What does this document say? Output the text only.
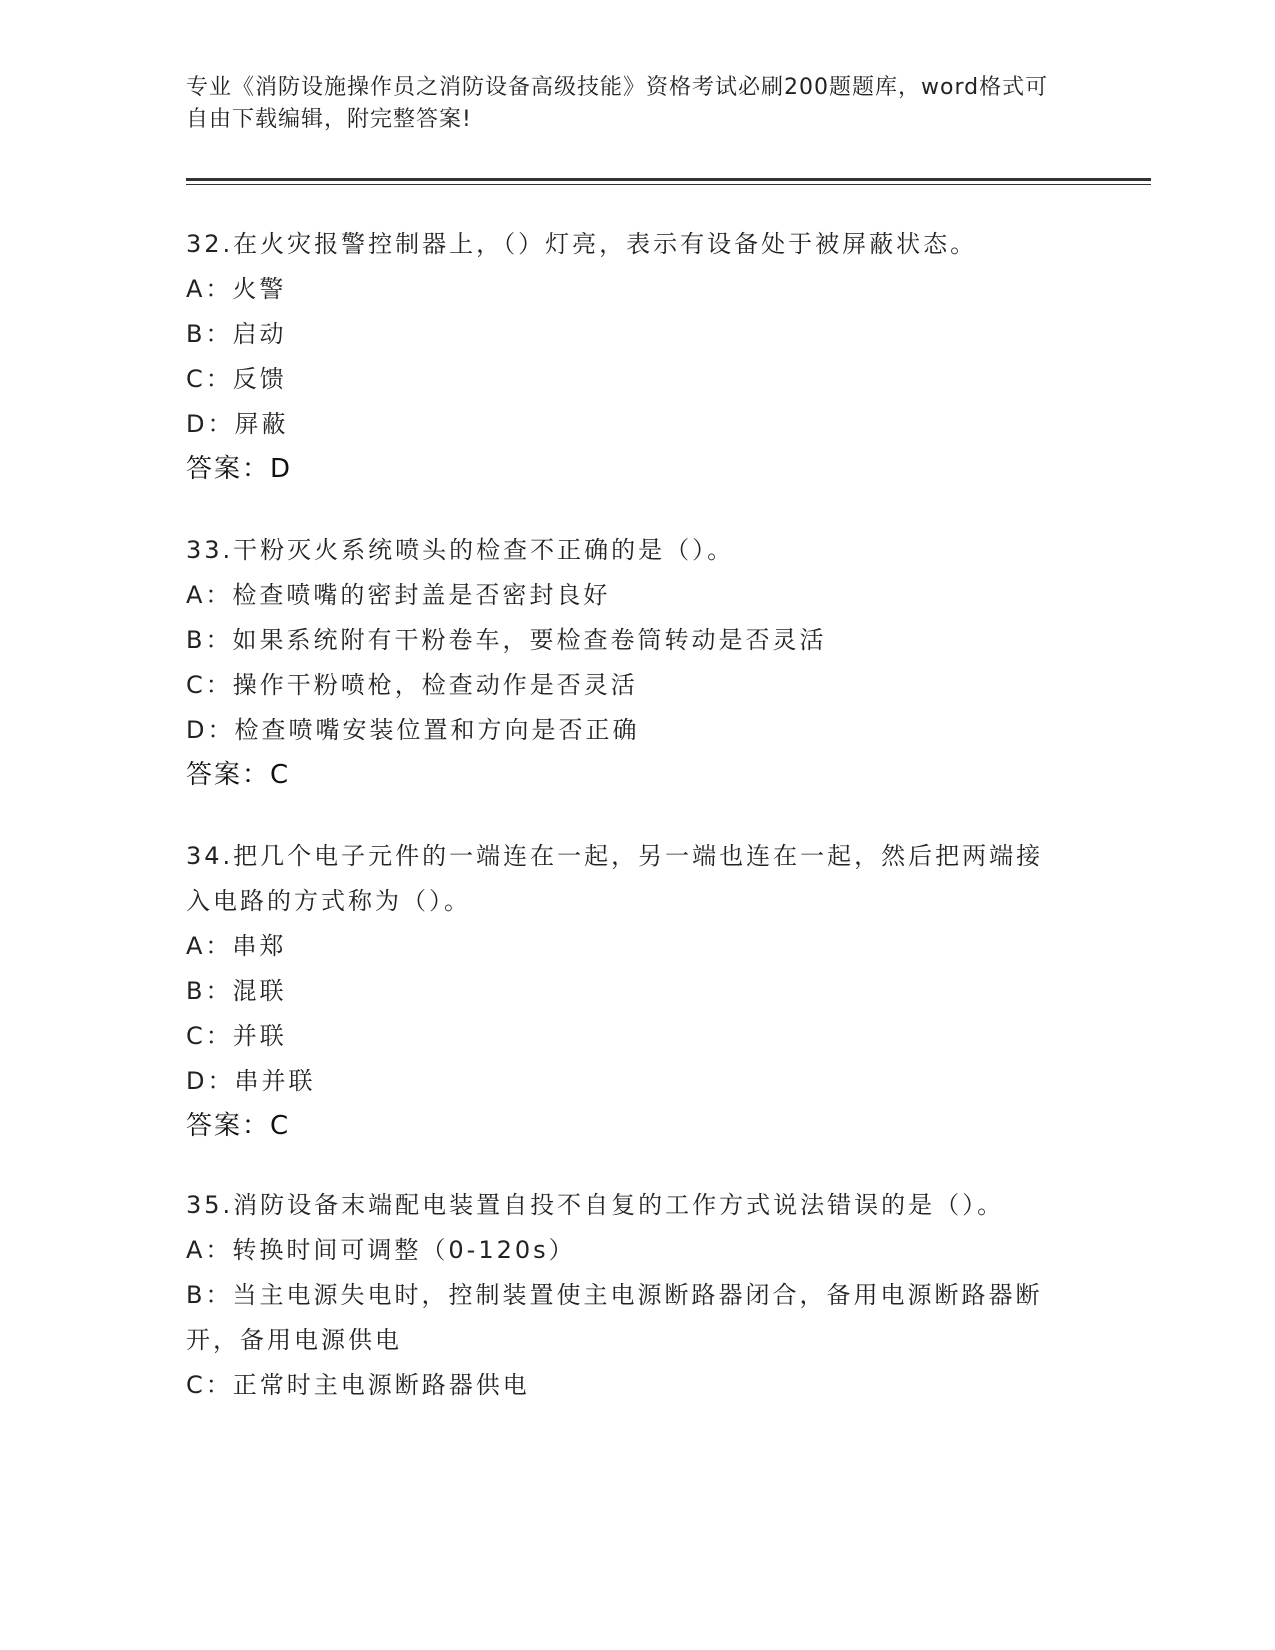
专业《消防设施操作员之消防设备高级技能》资格考试必刷200题题库，word格式可自由下载编辑，附完整答案!
32.在火灾报警控制器上，（）灯亮，表示有设备处于被屏蔽状态。
A：火警
B：启动
C：反馈
D：屏蔽
答案：D
33.干粉灭火系统喷头的检查不正确的是（）。
A：检查喷嘴的密封盖是否密封良好
B：如果系统附有干粉卷车，要检查卷筒转动是否灵活
C：操作干粉喷枪，检查动作是否灵活
D：检查喷嘴安装位置和方向是否正确
答案：C
34.把几个电子元件的一端连在一起，另一端也连在一起，然后把两端接入电路的方式称为（）。
A：串郑
B：混联
C：并联
D：串并联
答案：C
35.消防设备末端配电装置自投不自复的工作方式说法错误的是（）。
A：转换时间可调整（0-120s）
B：当主电源失电时，控制装置使主电源断路器闭合，备用电源断路器断开，备用电源供电
C：正常时主电源断路器供电
